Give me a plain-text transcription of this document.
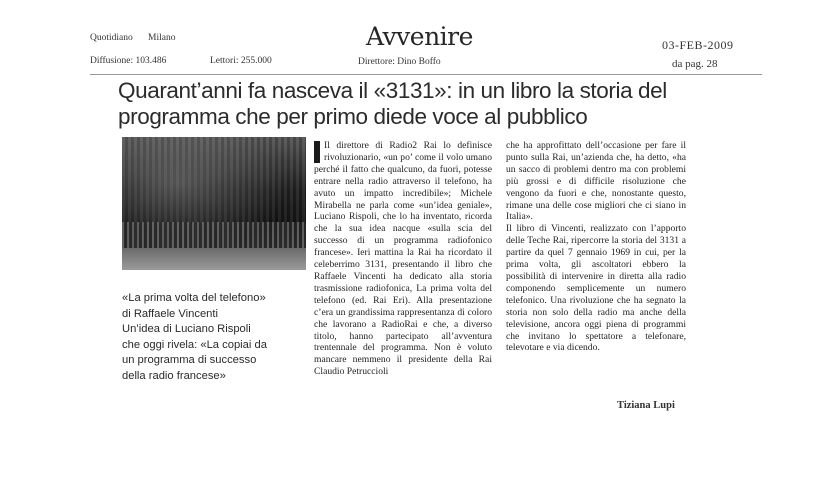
Quotidiano Milano	Avvenire	03-FEB-2009
Diffusione: 103.486	Lettori: 255.000	Direttore: Dino Boffo	da pag. 28
Quarant’anni fa nasceva il «3131»: in un libro la storia del programma che per primo diede voce al pubblico
«La prima volta del telefono»
di Raffaele Vincenti
Un’idea di Luciano Rispoli
che oggi rivela: «La copiai da
un programma di successo
della radio francese»

Il direttore di Radio2 Rai lo definisce rivoluzionario, «un po’ come il volo umano perché il fatto che qualcuno, da fuori, potesse entrare nella radio attraverso il telefono, ha avuto un impatto incredibile»; Michele Mirabella ne parla come «un’idea geniale», Luciano Rispoli, che lo ha inventato, ricorda che la sua idea nacque «sulla scia del successo di un programma radiofonico francese». Ieri mattina la Rai ha ricordato il celeberrimo 3131, presentando il libro che Raffaele Vincenti ha dedicato alla storia trasmissione radiofonica, La prima volta del telefono (ed. Rai Eri). Alla presentazione c’era un grandissima rappresentanza di coloro che lavorano a RadioRai e che, a diverso titolo, hanno partecipato all’avventura trentennale del programma. Non è voluto mancare nemmeno il presidente della Rai Claudio Petruccioli

che ha approfittato dell’occasione per fare il punto sulla Rai, un’azienda che, ha detto, «ha un sacco di problemi dentro ma con problemi più grossi e di difficile risoluzione che vengono da fuori e che, nonostante questo, rimane una delle cose migliori che ci siano in Italia».

Il libro di Vincenti, realizzato con l’apporto delle Teche Rai, ripercorre la storia del 3131 a partire da quel 7 gennaio 1969 in cui, per la prima volta, gli ascoltatori ebbero la possibilità di intervenire in diretta alla radio componendo semplicemente un numero telefonico. Una rivoluzione che ha segnato la storia non solo della radio ma anche della televisione, ancora oggi piena di programmi che invitano lo spettatore a telefonare, televotare e via dicendo.

Tiziana Lupi
